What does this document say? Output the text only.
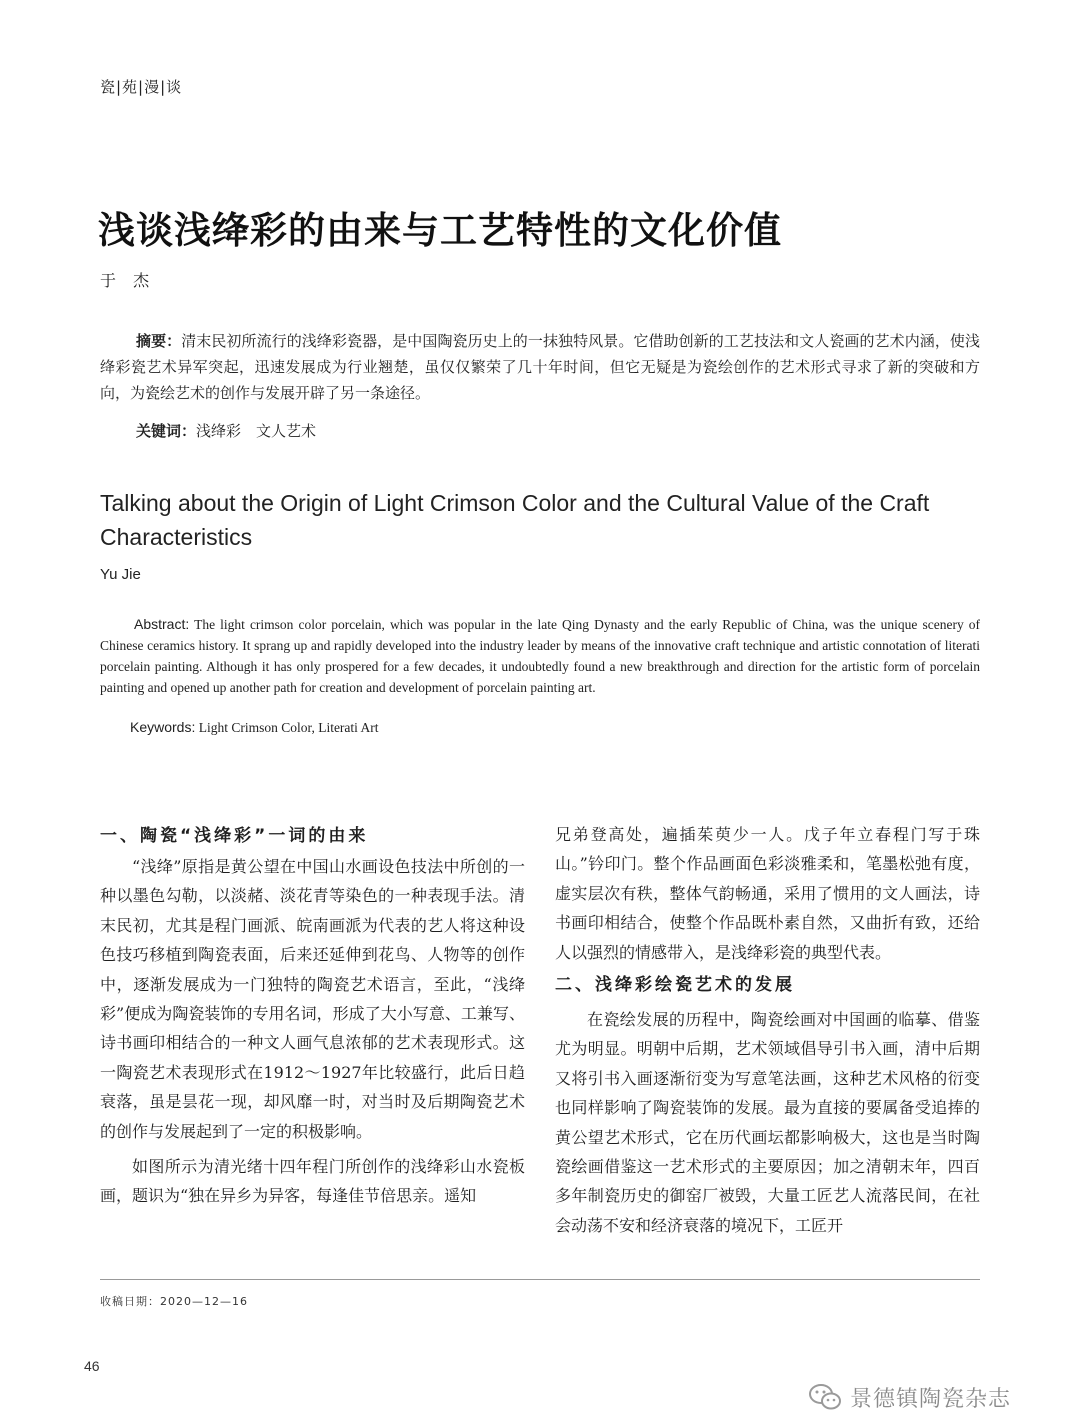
瓷|苑|漫|谈
浅谈浅绛彩的由来与工艺特性的文化价值
于 杰

摘要：清末民初所流行的浅绛彩瓷器，是中国陶瓷历史上的一抹独特风景。它借助创新的工艺技法和文人瓷画的艺术内涵，使浅绛彩瓷艺术异军突起，迅速发展成为行业翘楚，虽仅仅繁荣了几十年时间，但它无疑是为瓷绘创作的艺术形式寻求了新的突破和方向，为瓷绘艺术的创作与发展开辟了另一条途径。

关键词：浅绛彩　文人艺术
Talking about the Origin of Light Crimson Color and the Cultural Value of the Craft Characteristics
Yu Jie

Abstract: The light crimson color porcelain, which was popular in the late Qing Dynasty and the early Republic of China, was the unique scenery of Chinese ceramics history. It sprang up and rapidly developed into the industry leader by means of the innovative craft technique and artistic connotation of literati porcelain painting. Although it has only prospered for a few decades, it undoubtedly found a new breakthrough and direction for the artistic form of porcelain painting and opened up another path for creation and development of porcelain painting art.

Keywords: Light Crimson Color, Literati Art
一、陶瓷“浅绛彩”一词的由来

“浅绛”原指是黄公望在中国山水画设色技法中所创的一种以墨色勾勒，以淡赭、淡花青等染色的一种表现手法。清末民初，尤其是程门画派、皖南画派为代表的艺人将这种设色技巧移植到陶瓷表面，后来还延伸到花鸟、人物等的创作中，逐渐发展成为一门独特的陶瓷艺术语言，至此，“浅绛彩”便成为陶瓷装饰的专用名词，形成了大小写意、工兼写、诗书画印相结合的一种文人画气息浓郁的艺术表现形式。这一陶瓷艺术表现形式在1912～1927年比较盛行，此后日趋衰落，虽是昙花一现，却风靡一时，对当时及后期陶瓷艺术的创作与发展起到了一定的积极影响。

如图所示为清光绪十四年程门所创作的浅绛彩山水瓷板画，题识为“独在异乡为异客，每逢佳节倍思亲。遥知

兄弟登高处，遍插茱萸少一人。戊子年立春程门写于珠山。”钤印门。整个作品画面色彩淡雅柔和，笔墨松弛有度，虚实层次有秩，整体气韵畅通，采用了惯用的文人画法，诗书画印相结合，使整个作品既朴素自然，又曲折有致，还给人以强烈的情感带入，是浅绛彩瓷的典型代表。

二、浅绛彩绘瓷艺术的发展

在瓷绘发展的历程中，陶瓷绘画对中国画的临摹、借鉴尤为明显。明朝中后期，艺术领域倡导引书入画，清中后期又将引书入画逐渐衍变为写意笔法画，这种艺术风格的衍变也同样影响了陶瓷装饰的发展。最为直接的要属备受追捧的黄公望艺术形式，它在历代画坛都影响极大，这也是当时陶瓷绘画借鉴这一艺术形式的主要原因；加之清朝末年，四百多年制瓷历史的御窑厂被毁，大量工匠艺人流落民间，在社会动荡不安和经济衰落的境况下，工匠开

收稿日期：2020—12—16
46
景德镇陶瓷杂志
